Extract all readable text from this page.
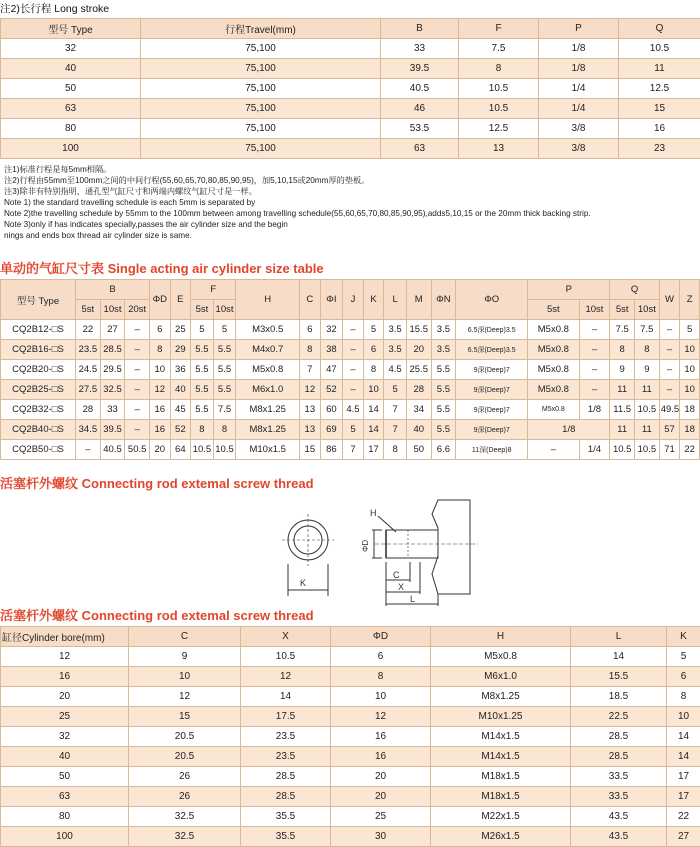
注2)长行程 Long stroke
型号 Type	行程Travel(mm)	B	F	P	Q
32	75,100	33	7.5	1/8	10.5
40	75,100	39.5	8	1/8	11
50	75,100	40.5	10.5	1/4	12.5
63	75,100	46	10.5	1/4	15
80	75,100	53.5	12.5	3/8	16
100	75,100	63	13	3/8	23
注1)标准行程是每5mm相隔。
注2)行程由55mm至100mm之间的中间行程(55,60,65,70,80,85,90,95)，加5,10,15或20mm厚的垫板。
注3)除非有特别指明，通孔型气缸尺寸和两端内螺纹气缸尺寸是一样。
Note 1) the standard travelling schedule is each 5mm is separated by
Note 2)the travelling schedule by 55mm to the 100mm between among travelling schedule(55,60,65,70,80,85,90,95),adds5,10,15 or the 20mm thick backing strip.
Note 3)only if has indicates specially,passes the air cylinder size and the begin
nings and ends box thread air cylinder size is same.
单动的气缸尺寸表 Single acting air cylinder size table
型号 Type	B			ΦD	E	F		H	C	ΦI	J	K	L	M	ΦN	ΦO	P		Q		W	Z
	5st	10st	20st			5st	10st										5st	10st	5st	10st		
CQ2B12-□S	22	27	–	6	25	5	5	M3x0.5	6	32	–	5	3.5	15.5	3.5	6.5深(Deep)3.5	M5x0.8	–	7.5	7.5	–	5
CQ2B16-□S	23.5	28.5	–	8	29	5.5	5.5	M4x0.7	8	38	–	6	3.5	20	3.5	6.5深(Deep)3.5	M5x0.8	–	8	8	–	10
CQ2B20-□S	24.5	29.5	–	10	36	5.5	5.5	M5x0.8	7	47	–	8	4.5	25.5	5.5	9深(Deep)7	M5x0.8	–	9	9	–	10
CQ2B25-□S	27.5	32.5	–	12	40	5.5	5.5	M6x1.0	12	52	–	10	5	28	5.5	9深(Deep)7	M5x0.8	–	11	11	–	10
CQ2B32-□S	28	33	–	16	45	5.5	7.5	M8x1.25	13	60	4.5	14	7	34	5.5	9深(Deep)7	M5x0.8	1/8	11.5	10.5	49.5	18
CQ2B40-□S	34.5	39.5	–	16	52	8	8	M8x1.25	13	69	5	14	7	40	5.5	9深(Deep)7	1/8		11	11	57	18
CQ2B50-□S	–	40.5	50.5	20	64	10.5	10.5	M10x1.5	15	86	7	17	8	50	6.6	11深(Deep)8	–	1/4	10.5	10.5	71	22
活塞杆外螺纹 Connecting rod extemal screw thread
K
H
ΦD
C
X
L
活塞杆外螺纹 Connecting rod extemal screw thread
缸径Cylinder bore(mm)	C	X	ΦD	H	L	K
12	9	10.5	6	M5x0.8	14	5
16	10	12	8	M6x1.0	15.5	6
20	12	14	10	M8x1.25	18.5	8
25	15	17.5	12	M10x1.25	22.5	10
32	20.5	23.5	16	M14x1.5	28.5	14
40	20.5	23.5	16	M14x1.5	28.5	14
50	26	28.5	20	M18x1.5	33.5	17
63	26	28.5	20	M18x1.5	33.5	17
80	32.5	35.5	25	M22x1.5	43.5	22
100	32.5	35.5	30	M26x1.5	43.5	27
